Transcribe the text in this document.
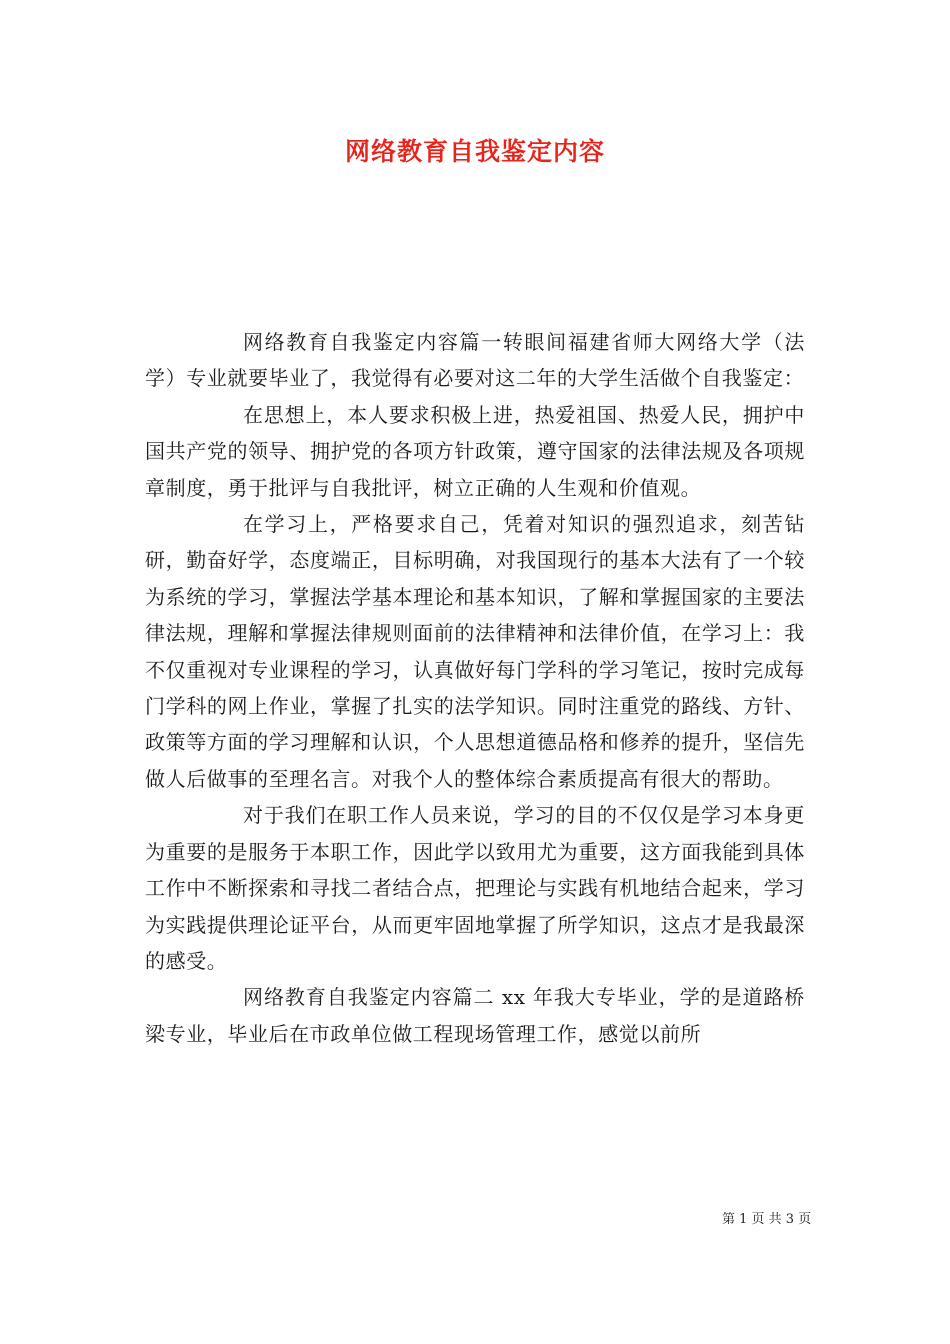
网络教育自我鉴定内容

网络教育自我鉴定内容篇一转眼间福建省师大网络大学（法学）专业就要毕业了，我觉得有必要对这二年的大学生活做个自我鉴定：

在思想上，本人要求积极上进，热爱祖国、热爱人民，拥护中国共产党的领导、拥护党的各项方针政策，遵守国家的法律法规及各项规章制度，勇于批评与自我批评，树立正确的人生观和价值观。

在学习上，严格要求自己，凭着对知识的强烈追求，刻苦钻研，勤奋好学，态度端正，目标明确，对我国现行的基本大法有了一个较为系统的学习，掌握法学基本理论和基本知识，了解和掌握国家的主要法律法规，理解和掌握法律规则面前的法律精神和法律价值，在学习上：我不仅重视对专业课程的学习，认真做好每门学科的学习笔记，按时完成每门学科的网上作业，掌握了扎实的法学知识。同时注重党的路线、方针、政策等方面的学习理解和认识，个人思想道德品格和修养的提升，坚信先做人后做事的至理名言。对我个人的整体综合素质提高有很大的帮助。

对于我们在职工作人员来说，学习的目的不仅仅是学习本身更为重要的是服务于本职工作，因此学以致用尤为重要，这方面我能到具体工作中不断探索和寻找二者结合点，把理论与实践有机地结合起来，学习为实践提供理论证平台，从而更牢固地掌握了所学知识，这点才是我最深的感受。

网络教育自我鉴定内容篇二 xx 年我大专毕业，学的是道路桥梁专业，毕业后在市政单位做工程现场管理工作，感觉以前所

第 1 页 共 3 页
